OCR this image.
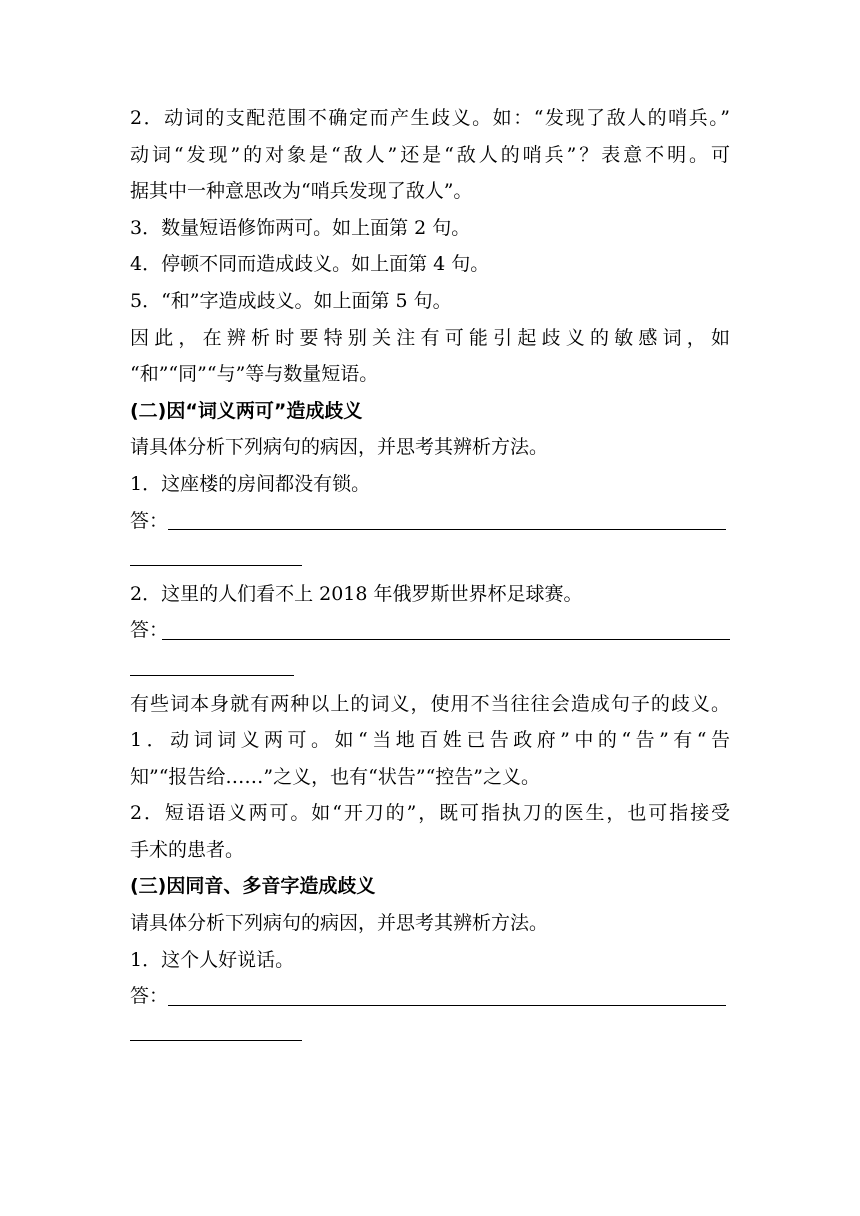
2．动词的支配范围不确定而产生歧义。如：“发现了敌人的哨兵。”
动词“发现”的对象是“敌人”还是“敌人的哨兵”？表意不明。可
据其中一种意思改为“哨兵发现了敌人”。
3．数量短语修饰两可。如上面第 2 句。
4．停顿不同而造成歧义。如上面第 4 句。
5．“和”字造成歧义。如上面第 5 句。
因此，在辨析时要特别关注有可能引起歧义的敏感词，如
“和”“同”“与”等与数量短语。
(二)因“词义两可”造成歧义
请具体分析下列病句的病因，并思考其辨析方法。
1．这座楼的房间都没有锁。
答：
2．这里的人们看不上 2018 年俄罗斯世界杯足球赛。
答：
有些词本身就有两种以上的词义，使用不当往往会造成句子的歧义。
1．动词词义两可。如“当地百姓已告政府”中的“告”有“告
知”“报告给……”之义，也有“状告”“控告”之义。
2．短语语义两可。如“开刀的”，既可指执刀的医生，也可指接受
手术的患者。
(三)因同音、多音字造成歧义
请具体分析下列病句的病因，并思考其辨析方法。
1．这个人好说话。
答：
